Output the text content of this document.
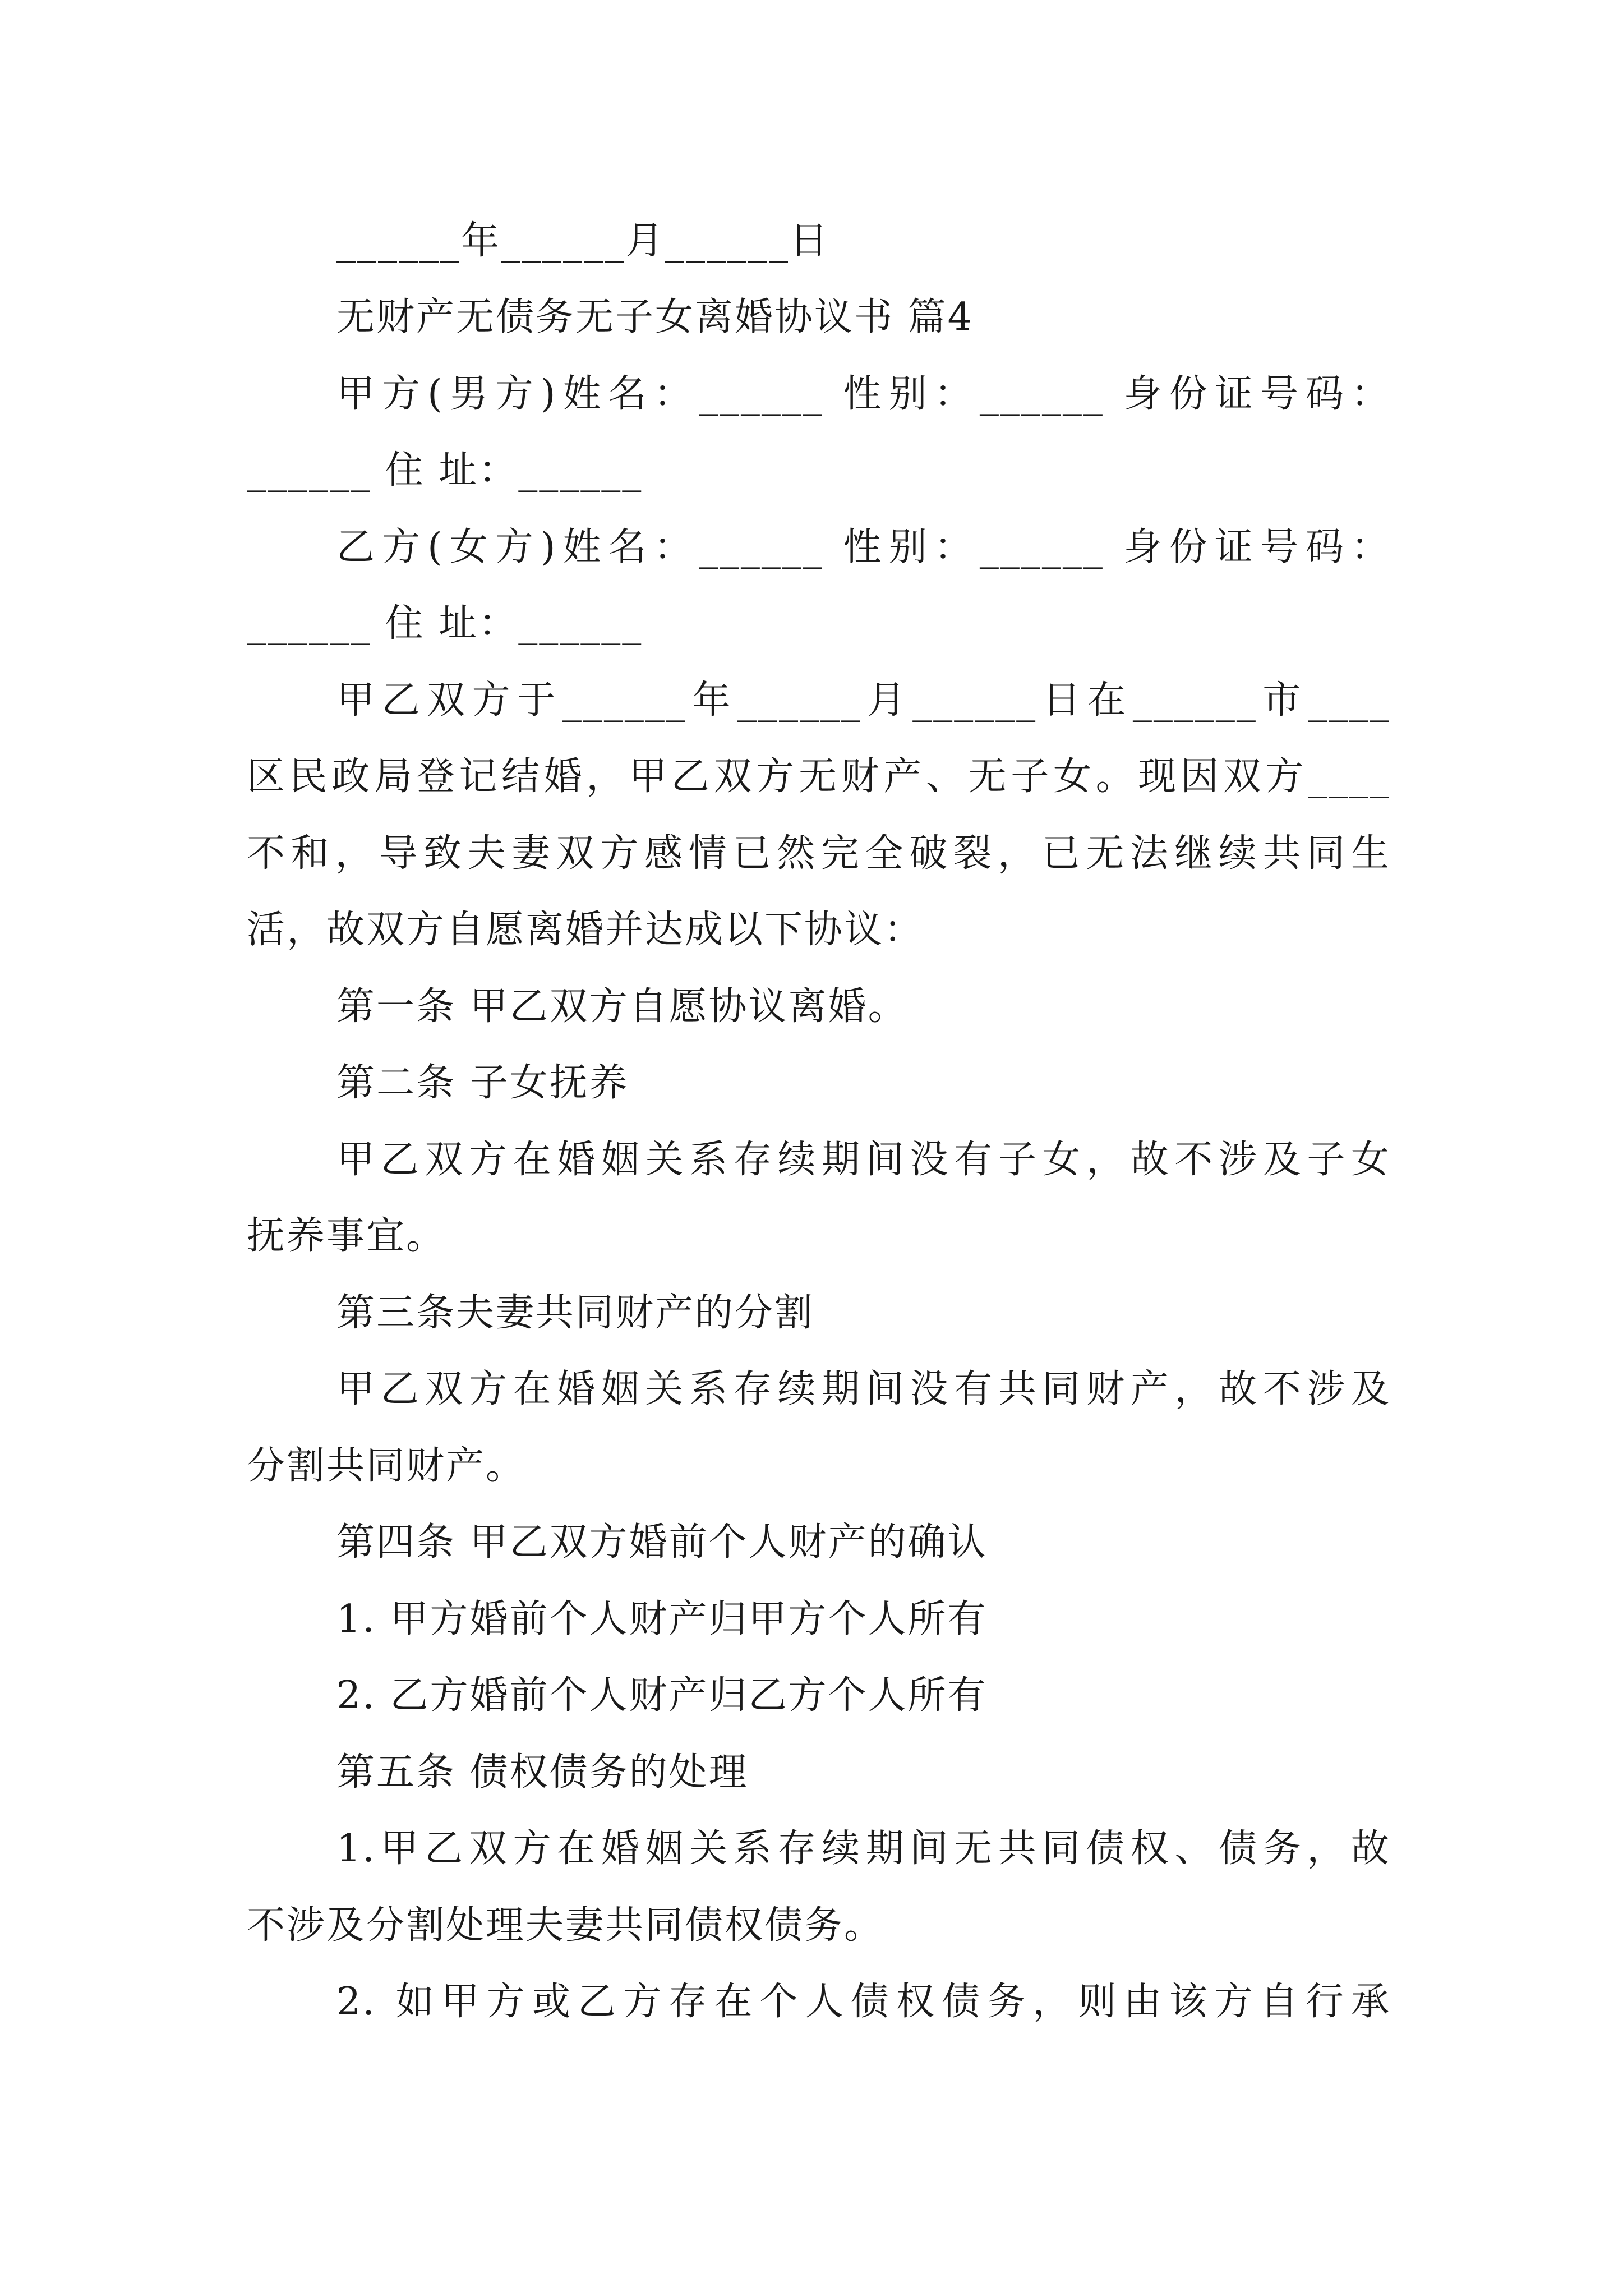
______年______月______日
无财产无债务无子女离婚协议书 篇4
甲方(男方)姓名：______ 性别：______ 身份证号码：
______ 住 址：______
乙方(女方)姓名：______ 性别：______ 身份证号码：
______ 住 址：______
甲乙双方于______年______月______日在______市____
区民政局登记结婚，甲乙双方无财产、无子女。现因双方____
不和，导致夫妻双方感情已然完全破裂，已无法继续共同生
活，故双方自愿离婚并达成以下协议：
第一条 甲乙双方自愿协议离婚。
第二条 子女抚养
甲乙双方在婚姻关系存续期间没有子女，故不涉及子女
抚养事宜。
第三条夫妻共同财产的分割
甲乙双方在婚姻关系存续期间没有共同财产，故不涉及
分割共同财产。
第四条 甲乙双方婚前个人财产的确认
1. 甲方婚前个人财产归甲方个人所有
2. 乙方婚前个人财产归乙方个人所有
第五条 债权债务的处理
1.甲乙双方在婚姻关系存续期间无共同债权、债务，故
不涉及分割处理夫妻共同债权债务。
2. 如甲方或乙方存在个人债权债务，则由该方自行承
